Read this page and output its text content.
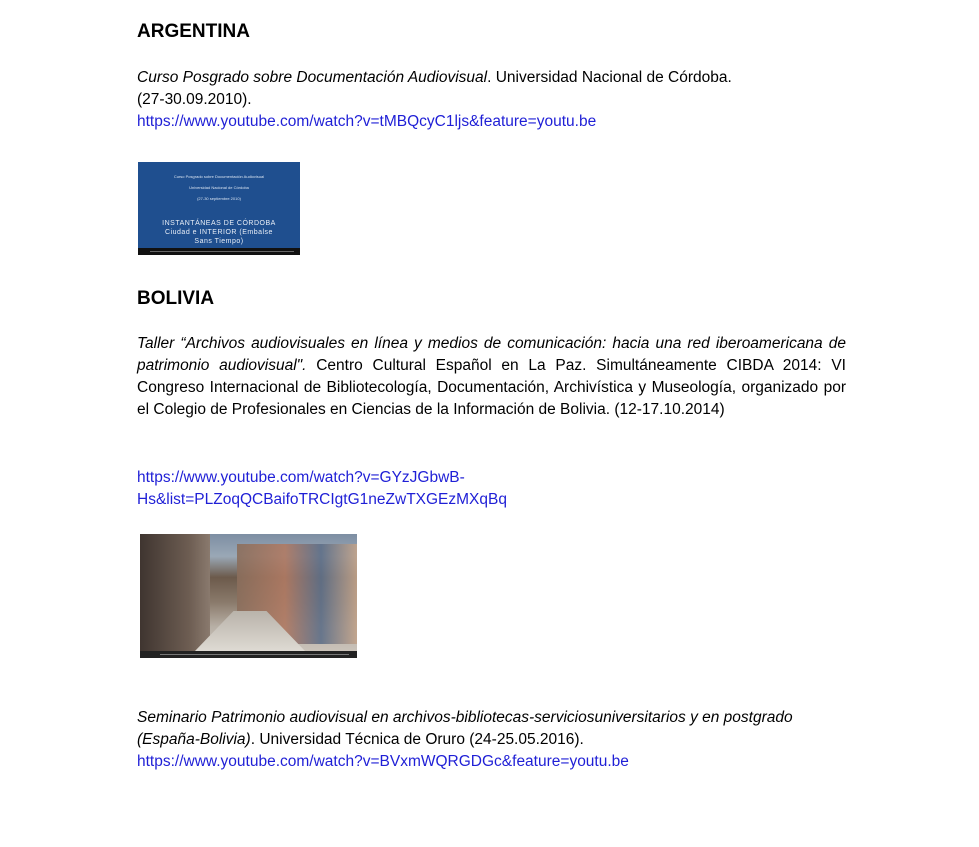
ARGENTINA

Curso Posgrado sobre Documentación Audiovisual. Universidad Nacional de Córdoba.
(27-30.09.2010).
https://www.youtube.com/watch?v=tMBQcyC1ljs&feature=youtu.be

Curso Posgrado sobre Documentación Audiovisual
Universidad Nacional de Córdoba
(27-30 septiembre 2010)
INSTANTÁNEAS DE CÓRDOBA
Ciudad e INTERIOR (Embalse
Sans Tiempo)
BOLIVIA

Taller “Archivos audiovisuales en línea y medios de comunicación: hacia una red iberoamericana de patrimonio audiovisual". Centro Cultural Español en La Paz. Simultáneamente CIBDA 2014: VI Congreso Internacional de Bibliotecología, Documentación, Archivística y Museología, organizado por el Colegio de Profesionales en Ciencias de la Información de Bolivia. (12-17.10.2014)

https://www.youtube.com/watch?v=GYzJGbwB-
Hs&list=PLZoqQCBaifoTRCIgtG1neZwTXGEzMXqBq

Seminario Patrimonio audiovisual en archivos-bibliotecas-serviciosuniversitarios y en postgrado (España-Bolivia). Universidad Técnica de Oruro (24-25.05.2016).
https://www.youtube.com/watch?v=BVxmWQRGDGc&feature=youtu.be
